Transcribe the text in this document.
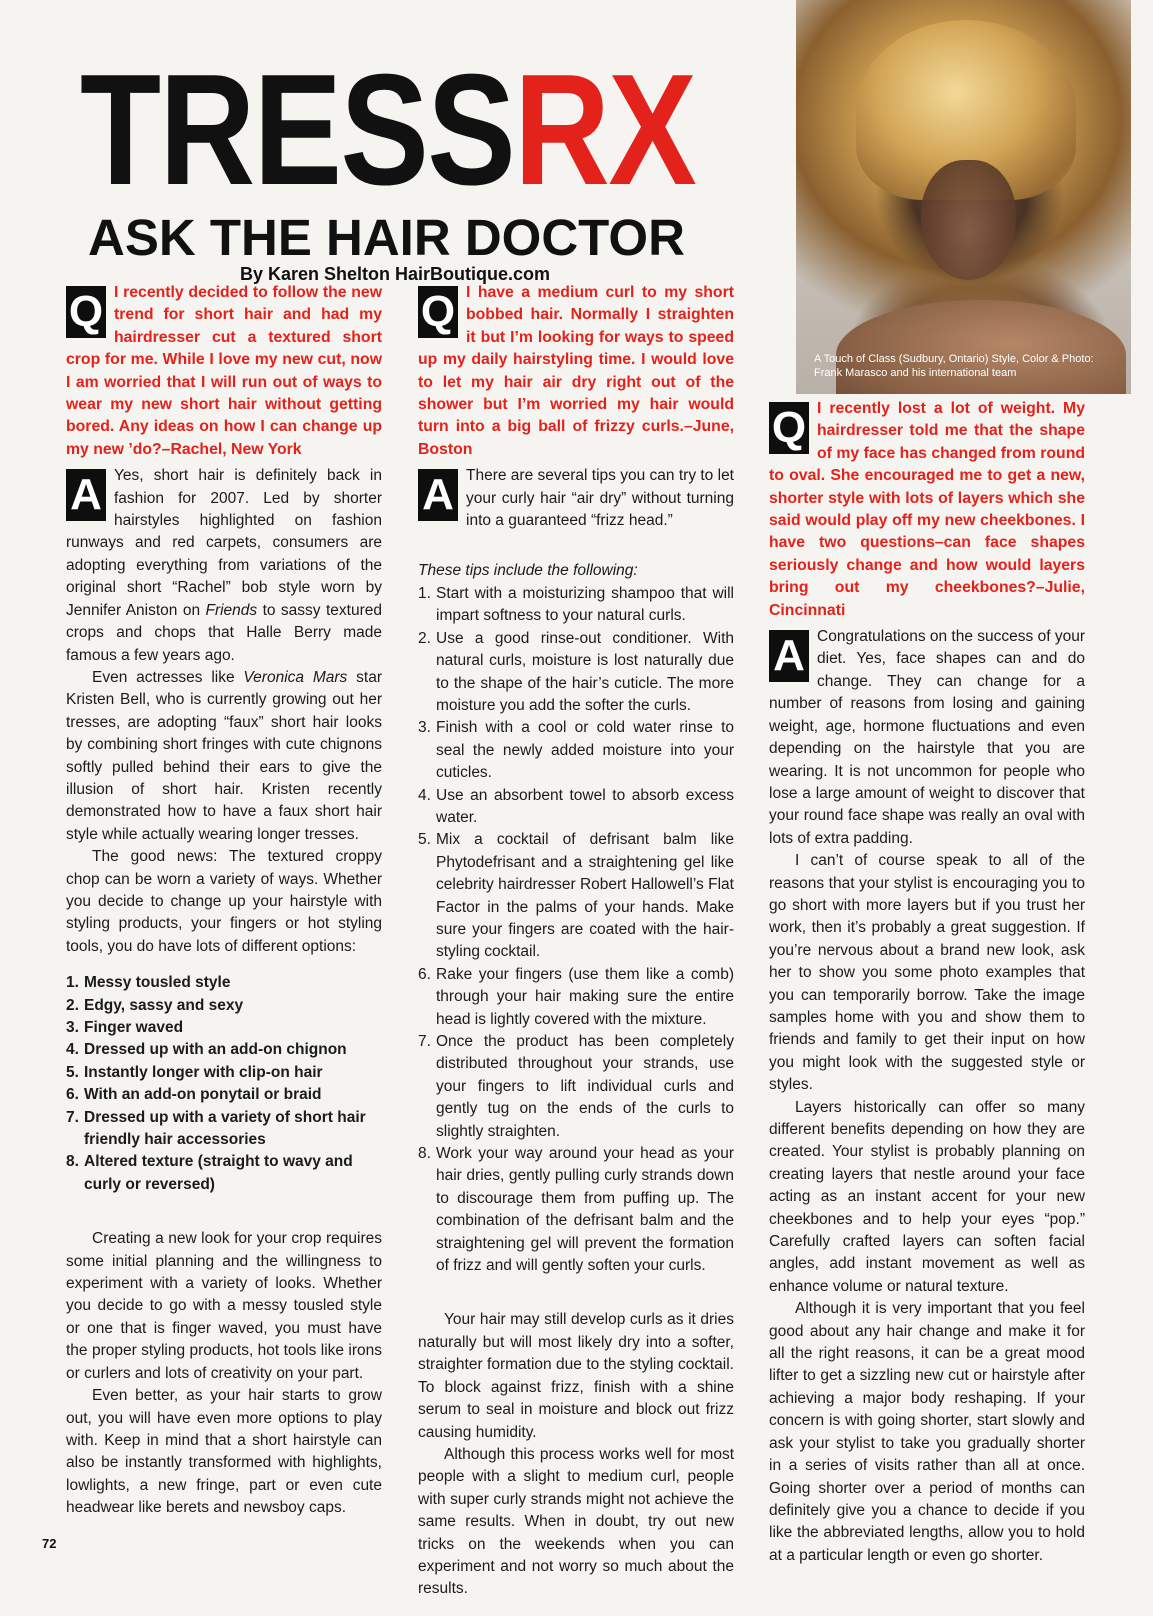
TRESSRX
ASK THE HAIR DOCTOR
By Karen Shelton HairBoutique.com
A Touch of Class (Sudbury, Ontario) Style, Color & Photo: Frank Marasco and his international team
Q I recently decided to follow the new trend for short hair and had my hairdresser cut a textured short crop for me. While I love my new cut, now I am worried that I will run out of ways to wear my new short hair without getting bored. Any ideas on how I can change up my new ’do?–Rachel, New York

A Yes, short hair is definitely back in fashion for 2007. Led by shorter hairstyles highlighted on fashion runways and red carpets, consumers are adopting everything from variations of the original short “Rachel” bob style worn by Jennifer Aniston on Friends to sassy textured crops and chops that Halle Berry made famous a few years ago.

Even actresses like Veronica Mars star Kristen Bell, who is currently growing out her tresses, are adopting “faux” short hair looks by combining short fringes with cute chignons softly pulled behind their ears to give the illusion of short hair. Kristen recently demonstrated how to have a faux short hair style while actually wearing longer tresses.

The good news: The textured croppy chop can be worn a variety of ways. Whether you decide to change up your hairstyle with styling products, your fingers or hot styling tools, you do have lots of different options:

1. Messy tousled style
2. Edgy, sassy and sexy
3. Finger waved
4. Dressed up with an add-on chignon
5. Instantly longer with clip-on hair
6. With an add-on ponytail or braid
7. Dressed up with a variety of short hair friendly hair accessories
8. Altered texture (straight to wavy and curly or reversed)

Creating a new look for your crop requires some initial planning and the willingness to experiment with a variety of looks. Whether you decide to go with a messy tousled style or one that is finger waved, you must have the proper styling products, hot tools like irons or curlers and lots of creativity on your part.

Even better, as your hair starts to grow out, you will have even more options to play with. Keep in mind that a short hairstyle can also be instantly transformed with highlights, lowlights, a new fringe, part or even cute headwear like berets and newsboy caps.

Q I have a medium curl to my short bobbed hair. Normally I straighten it but I’m looking for ways to speed up my daily hairstyling time. I would love to let my hair air dry right out of the shower but I’m worried my hair would turn into a big ball of frizzy curls.–June, Boston

A There are several tips you can try to let your curly hair “air dry” without turning into a guaranteed “frizz head.”

These tips include the following:

1. Start with a moisturizing shampoo that will impart softness to your natural curls.
2. Use a good rinse-out conditioner. With natural curls, moisture is lost naturally due to the shape of the hair’s cuticle. The more moisture you add the softer the curls.
3. Finish with a cool or cold water rinse to seal the newly added moisture into your cuticles.
4. Use an absorbent towel to absorb excess water.
5. Mix a cocktail of defrisant balm like Phytodefrisant and a straightening gel like celebrity hairdresser Robert Hallowell’s Flat Factor in the palms of your hands. Make sure your fingers are coated with the hair-styling cocktail.
6. Rake your fingers (use them like a comb) through your hair making sure the entire head is lightly covered with the mixture.
7. Once the product has been completely distributed throughout your strands, use your fingers to lift individual curls and gently tug on the ends of the curls to slightly straighten.
8. Work your way around your head as your hair dries, gently pulling curly strands down to discourage them from puffing up. The combination of the defrisant balm and the straightening gel will prevent the formation of frizz and will gently soften your curls.

Your hair may still develop curls as it dries naturally but will most likely dry into a softer, straighter formation due to the styling cocktail. To block against frizz, finish with a shine serum to seal in moisture and block out frizz causing humidity.

Although this process works well for most people with a slight to medium curl, people with super curly strands might not achieve the same results. When in doubt, try out new tricks on the weekends when you can experiment and not worry so much about the results.

Q I recently lost a lot of weight. My hairdresser told me that the shape of my face has changed from round to oval. She encouraged me to get a new, shorter style with lots of layers which she said would play off my new cheekbones. I have two questions–can face shapes seriously change and how would layers bring out my cheekbones?–Julie, Cincinnati

A Congratulations on the success of your diet. Yes, face shapes can and do change. They can change for a number of reasons from losing and gaining weight, age, hormone fluctuations and even depending on the hairstyle that you are wearing. It is not uncommon for people who lose a large amount of weight to discover that your round face shape was really an oval with lots of extra padding.

I can’t of course speak to all of the reasons that your stylist is encouraging you to go short with more layers but if you trust her work, then it’s probably a great suggestion. If you’re nervous about a brand new look, ask her to show you some photo examples that you can temporarily borrow. Take the image samples home with you and show them to friends and family to get their input on how you might look with the suggested style or styles.

Layers historically can offer so many different benefits depending on how they are created. Your stylist is probably planning on creating layers that nestle around your face acting as an instant accent for your new cheekbones and to help your eyes “pop.” Carefully crafted layers can soften facial angles, add instant movement as well as enhance volume or natural texture.

Although it is very important that you feel good about any hair change and make it for all the right reasons, it can be a great mood lifter to get a sizzling new cut or hairstyle after achieving a major body reshaping. If your concern is with going shorter, start slowly and ask your stylist to take you gradually shorter in a series of visits rather than all at once. Going shorter over a period of months can definitely give you a chance to decide if you like the abbreviated lengths, allow you to hold at a particular length or even go shorter.

72
